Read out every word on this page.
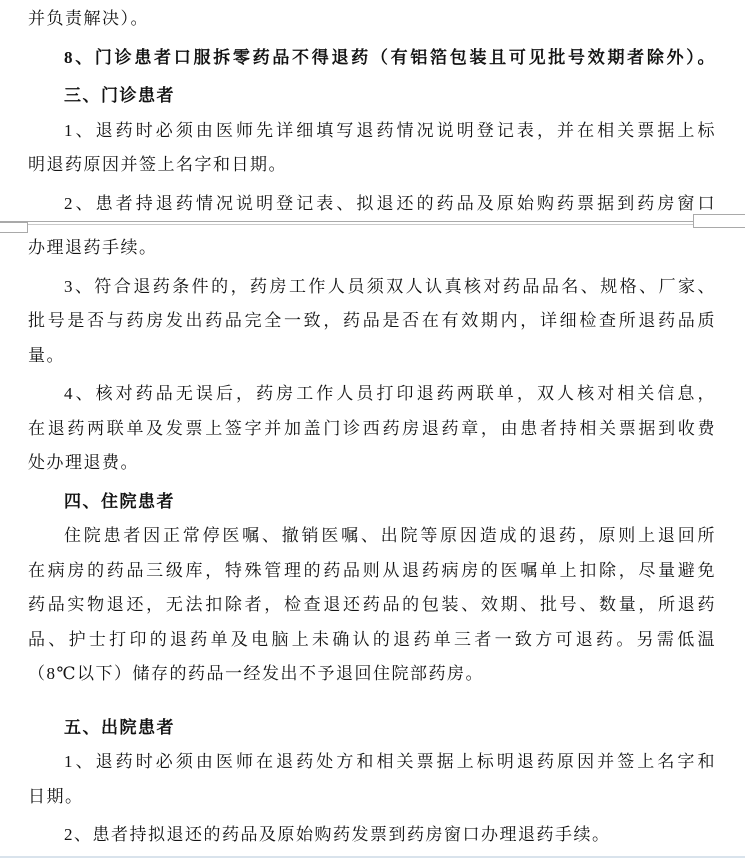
并负责解决）。
8、门诊患者口服拆零药品不得退药（有铝箔包装且可见批号效期者除外）。
三、门诊患者
1、退药时必须由医师先详细填写退药情况说明登记表，并在相关票据上标
明退药原因并签上名字和日期。
2、患者持退药情况说明登记表、拟退还的药品及原始购药票据到药房窗口
办理退药手续。
3、符合退药条件的，药房工作人员须双人认真核对药品品名、规格、厂家、
批号是否与药房发出药品完全一致，药品是否在有效期内，详细检查所退药品质
量。
4、核对药品无误后，药房工作人员打印退药两联单，双人核对相关信息，
在退药两联单及发票上签字并加盖门诊西药房退药章，由患者持相关票据到收费
处办理退费。
四、住院患者
住院患者因正常停医嘱、撤销医嘱、出院等原因造成的退药，原则上退回所
在病房的药品三级库，特殊管理的药品则从退药病房的医嘱单上扣除，尽量避免
药品实物退还，无法扣除者，检查退还药品的包装、效期、批号、数量，所退药
品、护士打印的退药单及电脑上未确认的退药单三者一致方可退药。另需低温
（8℃以下）储存的药品一经发出不予退回住院部药房。
五、出院患者
1、退药时必须由医师在退药处方和相关票据上标明退药原因并签上名字和
日期。
2、患者持拟退还的药品及原始购药发票到药房窗口办理退药手续。
